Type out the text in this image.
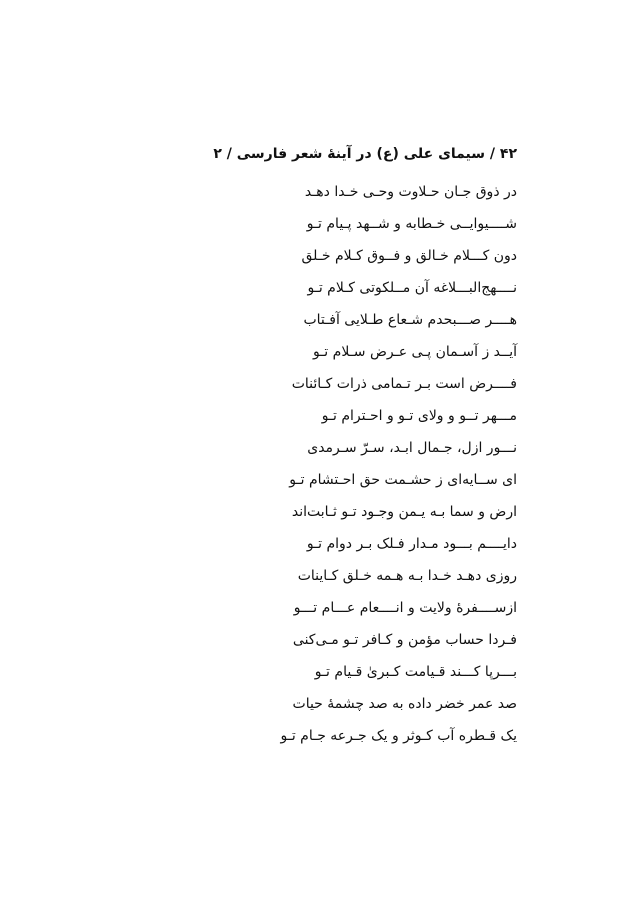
۴۲ / سیمای علی (ع) در آینهٔ شعر فارسی / ۲
در ذوق جـان حـلاوت وحـی خـدا دهـد
شــــیوایــی خـطابه و شــهد پـیام تـو
دون کـــلام خـالق و فــوق کـلام خـلق
نــــهج‌البـــلاغه آن مــلکوتی کـلام تـو
هــــر صـــبحدم شـعاع طـلایی آفـتاب
آیــد ز آسـمان پـی عـرض سـلام تـو
فــــرض است بـر تـمامی ذرات کـائنات
مـــهر تــو و ولای تـو و احـترام تـو
نـــور ازل، جـمال ابـد، سـرّ سـرمدی
ای ســایه‌ای ز حشـمت حق احـتشام تـو
ارض و سما بـه یـمن وجـود تـو ثـابت‌اند
دایــــم بـــود مـدار فـلک بـر دوام تـو
روزی دهـد خـدا بـه هـمه خـلق کـاینات
ازســــفرهٔ ولایت و انــــعام عـــام تـــو
فـردا حساب مؤمن و کـافر تـو مـی‌کنی
بـــرپا کـــند قـیامت کـبریٰ قـیام تـو
صد عمر خضر داده به صد چشمهٔ حیات
یک قـطره آب کـوثر و یک جـرعه جـام تـو
